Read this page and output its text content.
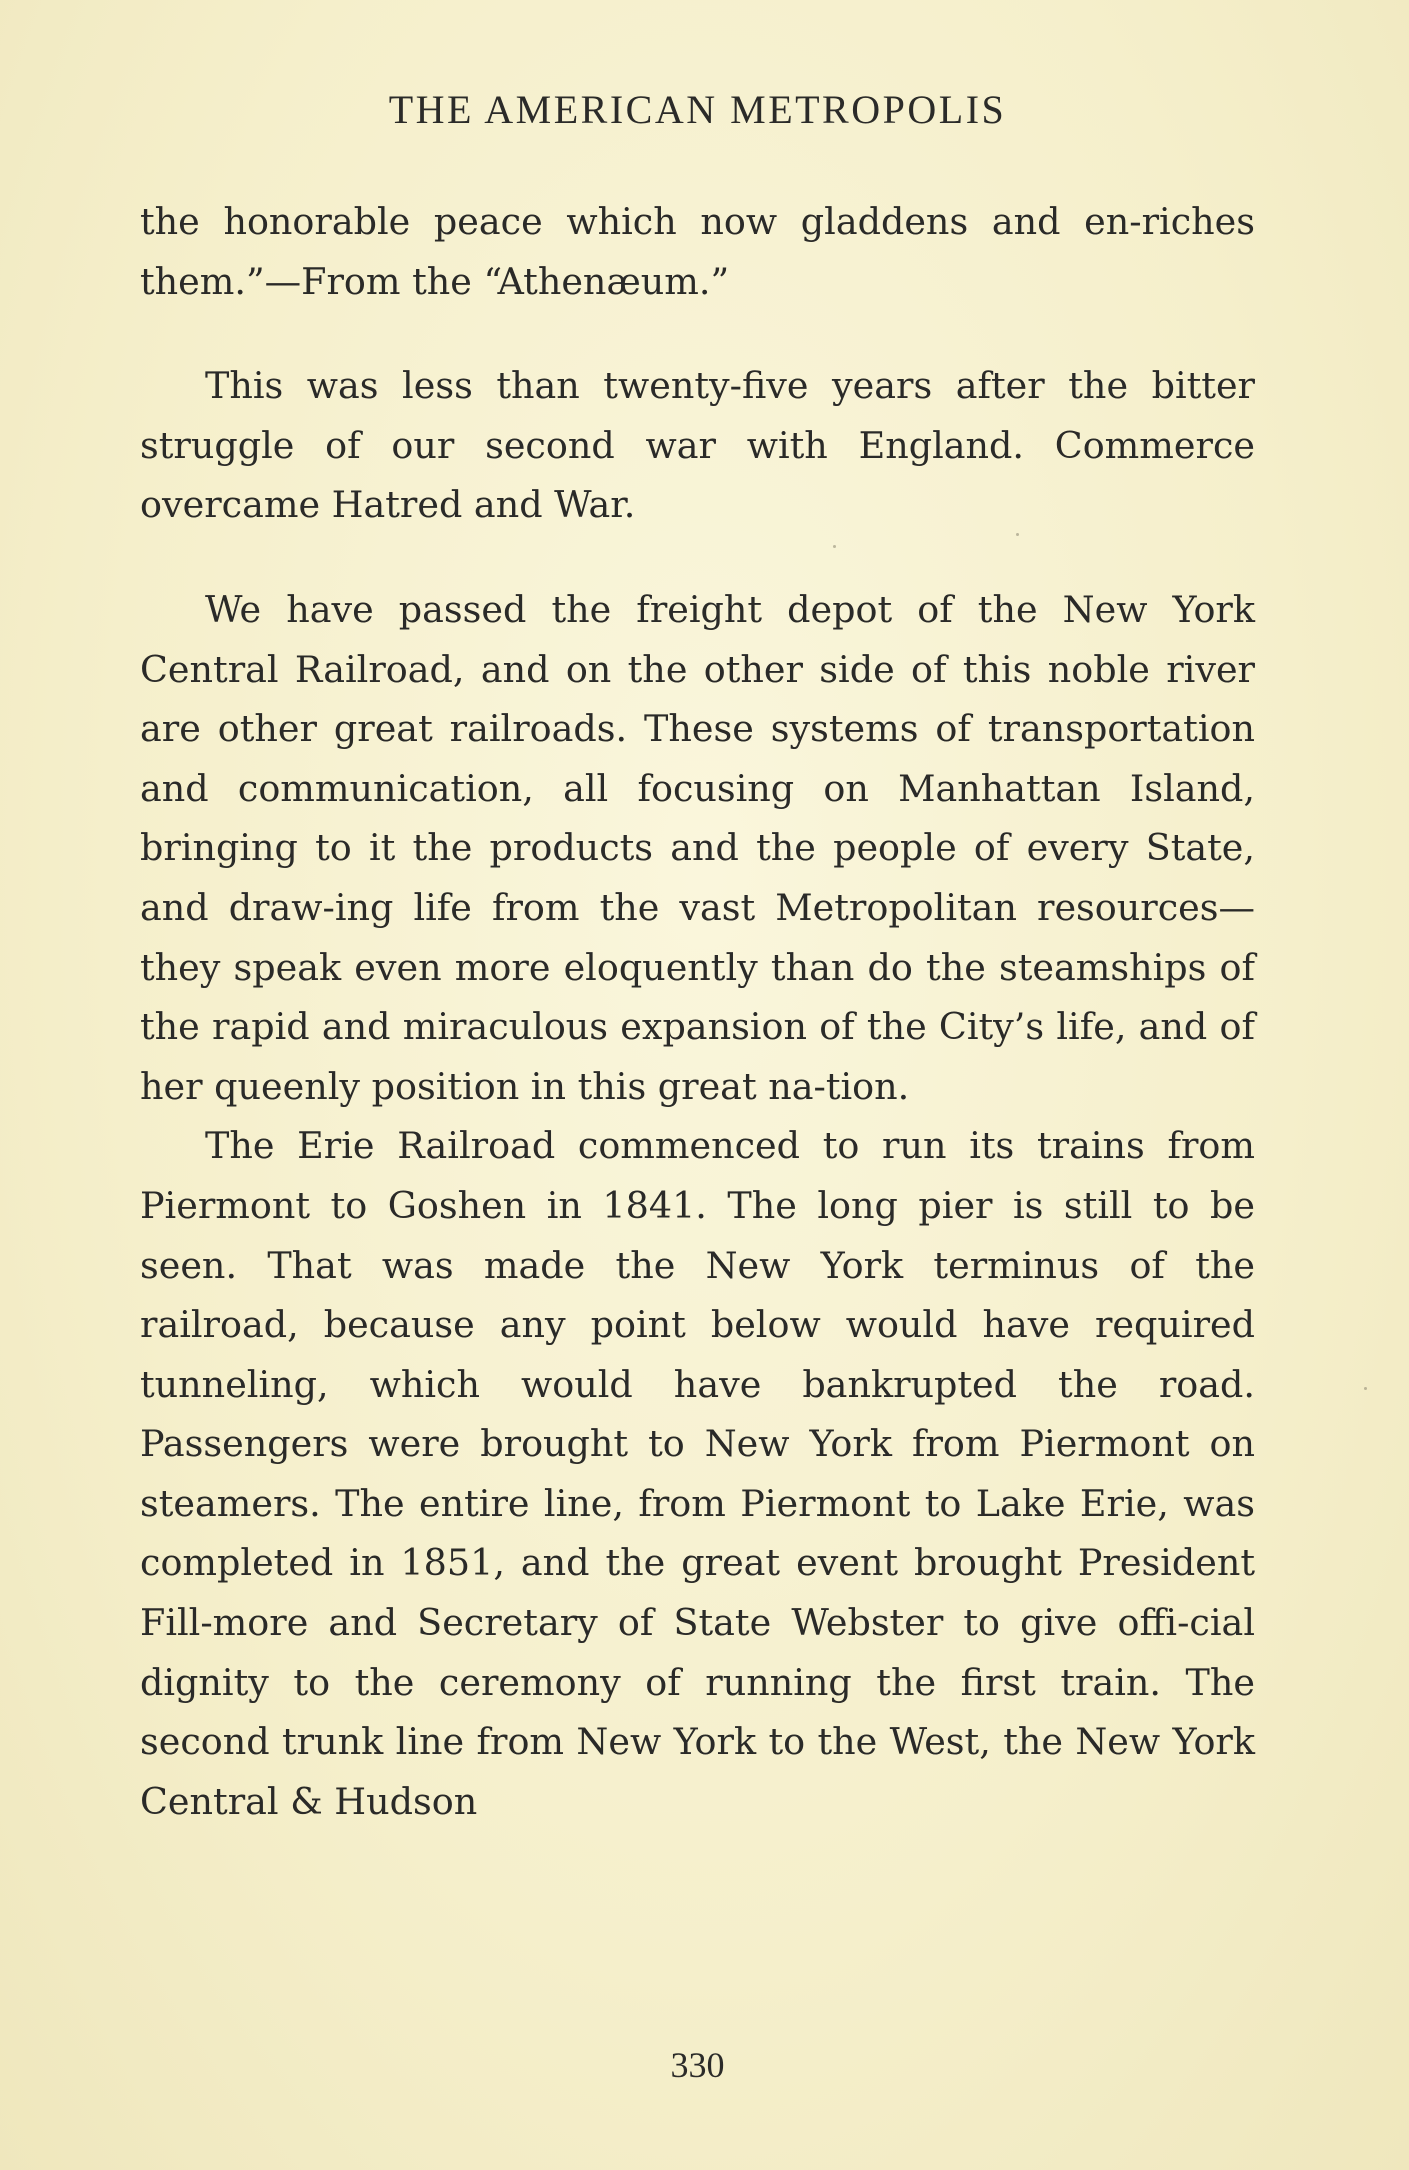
THE AMERICAN METROPOLIS

the honorable peace which now gladdens and en-riches them.”—From the “Athenæum.”

This was less than twenty-five years after the bitter struggle of our second war with England. Commerce overcame Hatred and War.

We have passed the freight depot of the New York Central Railroad, and on the other side of this noble river are other great railroads. These systems of transportation and communication, all focusing on Manhattan Island, bringing to it the products and the people of every State, and draw-ing life from the vast Metropolitan resources—they speak even more eloquently than do the steamships of the rapid and miraculous expansion of the City’s life, and of her queenly position in this great na-tion.

The Erie Railroad commenced to run its trains from Piermont to Goshen in 1841. The long pier is still to be seen. That was made the New York terminus of the railroad, because any point below would have required tunneling, which would have bankrupted the road. Passengers were brought to New York from Piermont on steamers. The entire line, from Piermont to Lake Erie, was completed in 1851, and the great event brought President Fill-more and Secretary of State Webster to give offi-cial dignity to the ceremony of running the first train. The second trunk line from New York to the West, the New York Central & Hudson

330
